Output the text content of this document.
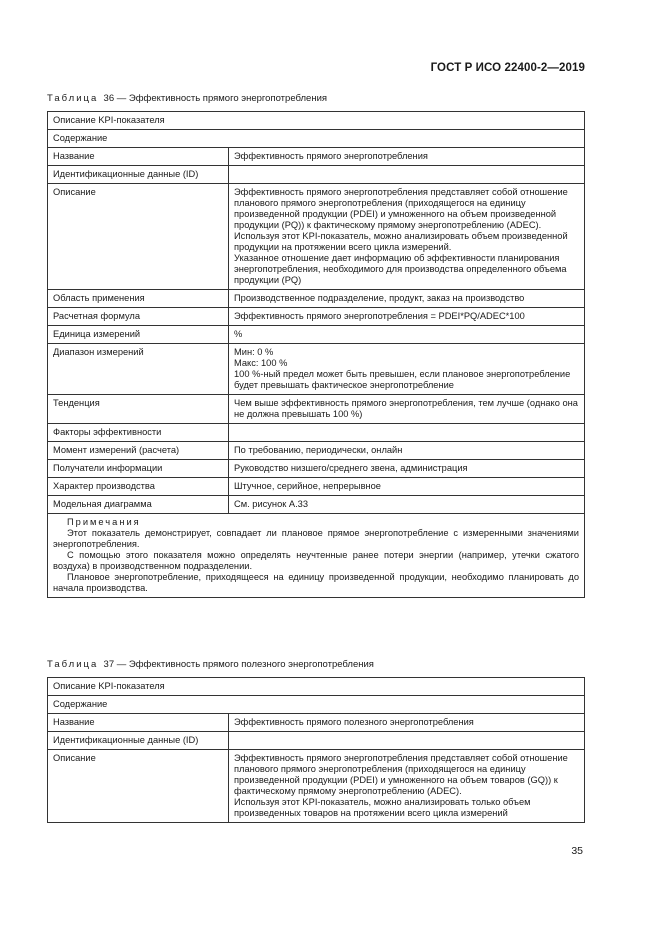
ГОСТ Р ИСО 22400-2—2019
Таблица 36 — Эффективность прямого энергопотребления
Описание KPI-показателя	
Содержание	
Название	Эффективность прямого энергопотребления
Идентификационные данные (ID)	
Описание	Эффективность прямого энергопотребления представляет собой отношение планового прямого энергопотребления (приходящегося на единицу произведенной продукции (PDEI) и умноженного на объем произведенной продукции (PQ)) к фактическому прямому энергопотреблению (ADEC). Используя этот KPI-показатель, можно анализировать объем произведенной продукции на протяжении всего цикла измерений.

Указанное отношение дает информацию об эффективности планирования энергопотребления, необходимого для производства определенного объема продукции (PQ)

Область применения	Производственное подразделение, продукт, заказ на производство
Расчетная формула	Эффективность прямого энергопотребления = PDEI*PQ/ADEC*100
Единица измерений	%
Диапазон измерений	Мин: 0 %

Макс: 100 %

100 %-ный предел может быть превышен, если плановое энергопотребление будет превышать фактическое энергопотребление

Тенденция	Чем выше эффективность прямого энергопотребления, тем лучше (однако она не должна превышать 100 %)
Факторы эффективности	
Момент измерений (расчета)	По требованию, периодически, онлайн
Получатели информации	Руководство низшего/среднего звена, администрация
Характер производства	Штучное, серийное, непрерывное
Модельная диаграмма	См. рисунок А.33

Примечания
Этот показатель демонстрирует, совпадает ли плановое прямое энергопотребление с измеренными значениями энергопотребления.
С помощью этого показателя можно определять неучтенные ранее потери энергии (например, утечки сжатого воздуха) в производственном подразделении.
Плановое энергопотребление, приходящееся на единицу произведенной продукции, необходимо планировать до начала производства.	
Таблица 37 — Эффективность прямого полезного энергопотребления
Описание KPI-показателя	
Содержание	
Название	Эффективность прямого полезного энергопотребления
Идентификационные данные (ID)	
Описание	Эффективность прямого энергопотребления представляет собой отношение планового прямого энергопотребления (приходящегося на единицу произведенной продукции (PDEI) и умноженного на объем товаров (GQ)) к фактическому прямому энергопотреблению (ADEC).

Используя этот KPI-показатель, можно анализировать только объем произведенных товаров на протяжении всего цикла измерений

35
